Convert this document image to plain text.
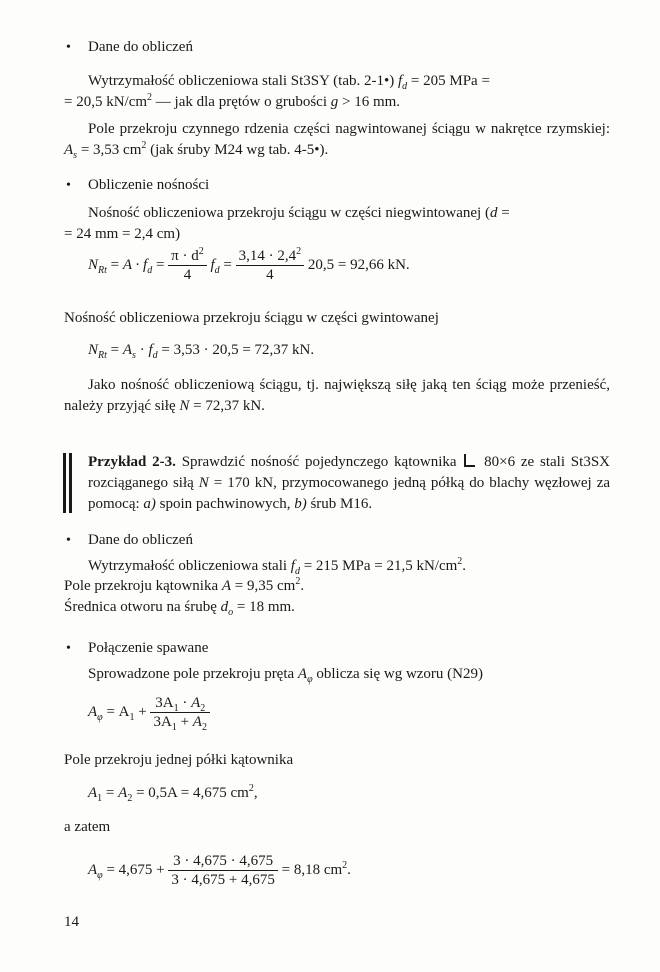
• Dane do obliczeń

Wytrzymałość obliczeniowa stali St3SY (tab. 2-1•) $f_d = 205$ MPa =

= 20,5 $kN/cm^2$ — jak dla prętów o grubości g > 16 mm.

Pole przekroju czynnego rdzenia części nagwintowanej ściągu w nakrętce rzymskiej: $A_s = 3,53$ $cm^2$ (jak śruby M24 wg tab. 4-5•).

• Obliczenie nośności

Nośność obliczeniowa przekroju ściągu w części niegwintowanej (d =

= 24 mm = 2,4 cm)

$N_{Rt} = A \cdot f_d = \frac{\pi \cdot d^2}{4} f_d = \frac{3,14 \cdot 2,4^2}{4} 20,5 = 92,66$ kN.

Nośność obliczeniowa przekroju ściągu w części gwintowanej

$N_{Rt} = A_s \cdot f_d = 3,53 \cdot 20,5 = 72,37$ kN.

Jako nośność obliczeniową ściągu, tj. największą siłę jaką ten ściąg może przenieść, należy przyjąć siłę N = 72,37 kN.

Przykład 2-3. Sprawdzić nośność pojedynczego kątownika  80×6 ze stali St3SX rozciąganego siłą N = 170 kN, przymocowanego jedną półką do blachy węzłowej za pomocą: a) spoin pachwinowych, b) śrub M16.

• Dane do obliczeń

Wytrzymałość obliczeniowa stali $f_d = 215$ MPa = 21,5 $kN/cm^2$.

Pole przekroju kątownika A = 9,35 $cm^2$.

Średnica otworu na śrubę $d_o = 18$ mm.

• Połączenie spawane

Sprowadzone pole przekroju pręta $A_\varphi$ oblicza się wg wzoru (N29)

$A_\varphi = A_1 + \frac{3A_1 \cdot A_2}{3A_1 + A_2}$

Pole przekroju jednej półki kątownika

$A_1 = A_2 = 0,5A = 4,675$ $cm^2$,

a zatem

$A_\varphi = 4,675 + \frac{3 \cdot 4,675 \cdot 4,675}{3 \cdot 4,675 + 4,675} = 8,18$ $cm^2$.
14
